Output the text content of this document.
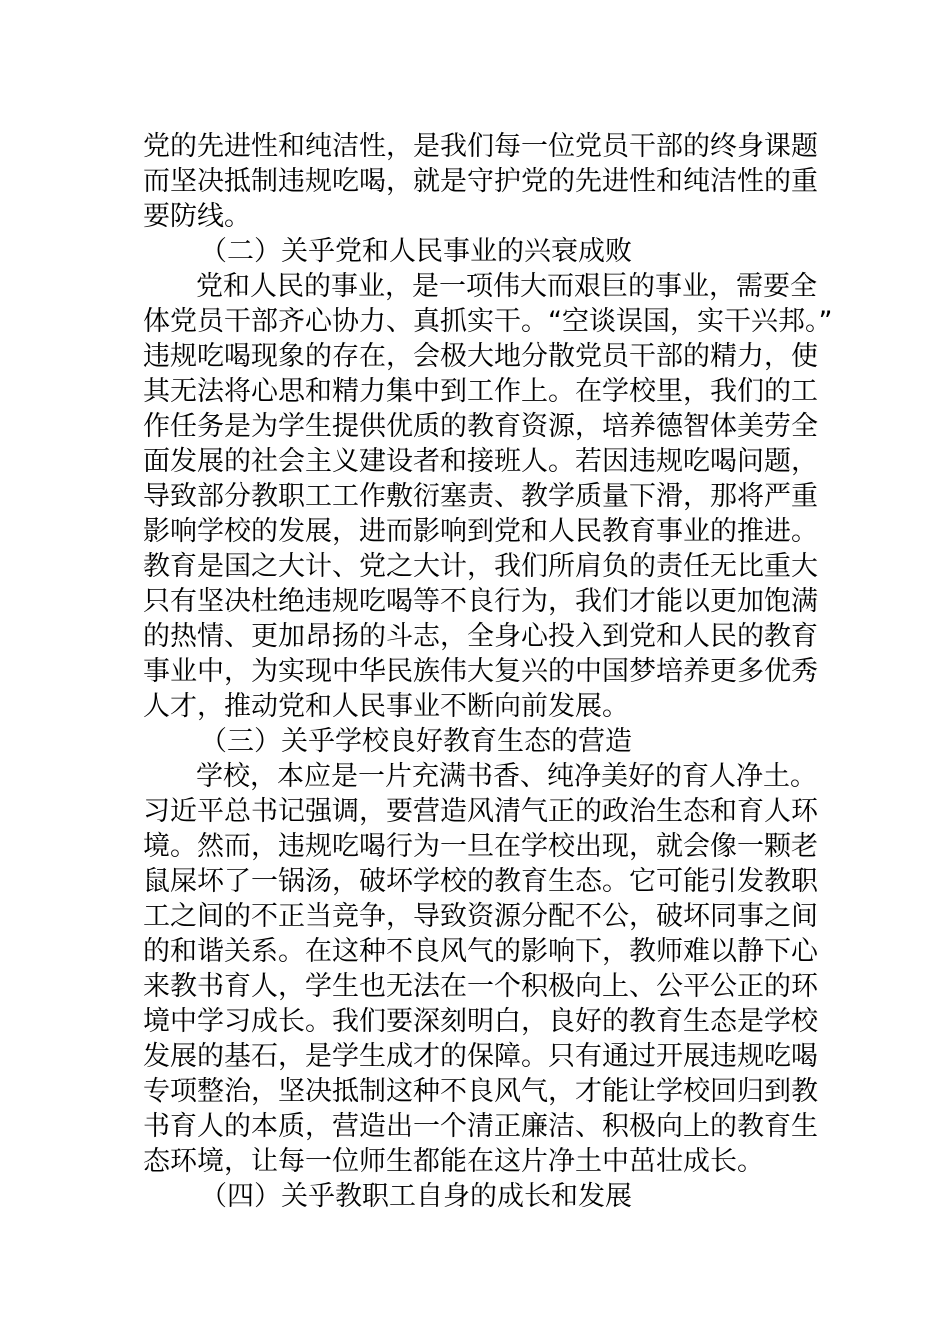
党的先进性和纯洁性，是我们每一位党员干部的终身课题
而坚决抵制违规吃喝，就是守护党的先进性和纯洁性的重
要防线。
（二）关乎党和人民事业的兴衰成败
党和人民的事业，是一项伟大而艰巨的事业，需要全
体党员干部齐心协力、真抓实干。“空谈误国，实干兴邦。”
违规吃喝现象的存在，会极大地分散党员干部的精力，使
其无法将心思和精力集中到工作上。在学校里，我们的工
作任务是为学生提供优质的教育资源，培养德智体美劳全
面发展的社会主义建设者和接班人。若因违规吃喝问题，
导致部分教职工工作敷衍塞责、教学质量下滑，那将严重
影响学校的发展，进而影响到党和人民教育事业的推进。
教育是国之大计、党之大计，我们所肩负的责任无比重大
只有坚决杜绝违规吃喝等不良行为，我们才能以更加饱满
的热情、更加昂扬的斗志，全身心投入到党和人民的教育
事业中，为实现中华民族伟大复兴的中国梦培养更多优秀
人才，推动党和人民事业不断向前发展。
（三）关乎学校良好教育生态的营造
学校，本应是一片充满书香、纯净美好的育人净土。
习近平总书记强调，要营造风清气正的政治生态和育人环
境。然而，违规吃喝行为一旦在学校出现，就会像一颗老
鼠屎坏了一锅汤，破坏学校的教育生态。它可能引发教职
工之间的不正当竞争，导致资源分配不公，破坏同事之间
的和谐关系。在这种不良风气的影响下，教师难以静下心
来教书育人，学生也无法在一个积极向上、公平公正的环
境中学习成长。我们要深刻明白，良好的教育生态是学校
发展的基石，是学生成才的保障。只有通过开展违规吃喝
专项整治，坚决抵制这种不良风气，才能让学校回归到教
书育人的本质，营造出一个清正廉洁、积极向上的教育生
态环境，让每一位师生都能在这片净土中茁壮成长。
（四）关乎教职工自身的成长和发展
